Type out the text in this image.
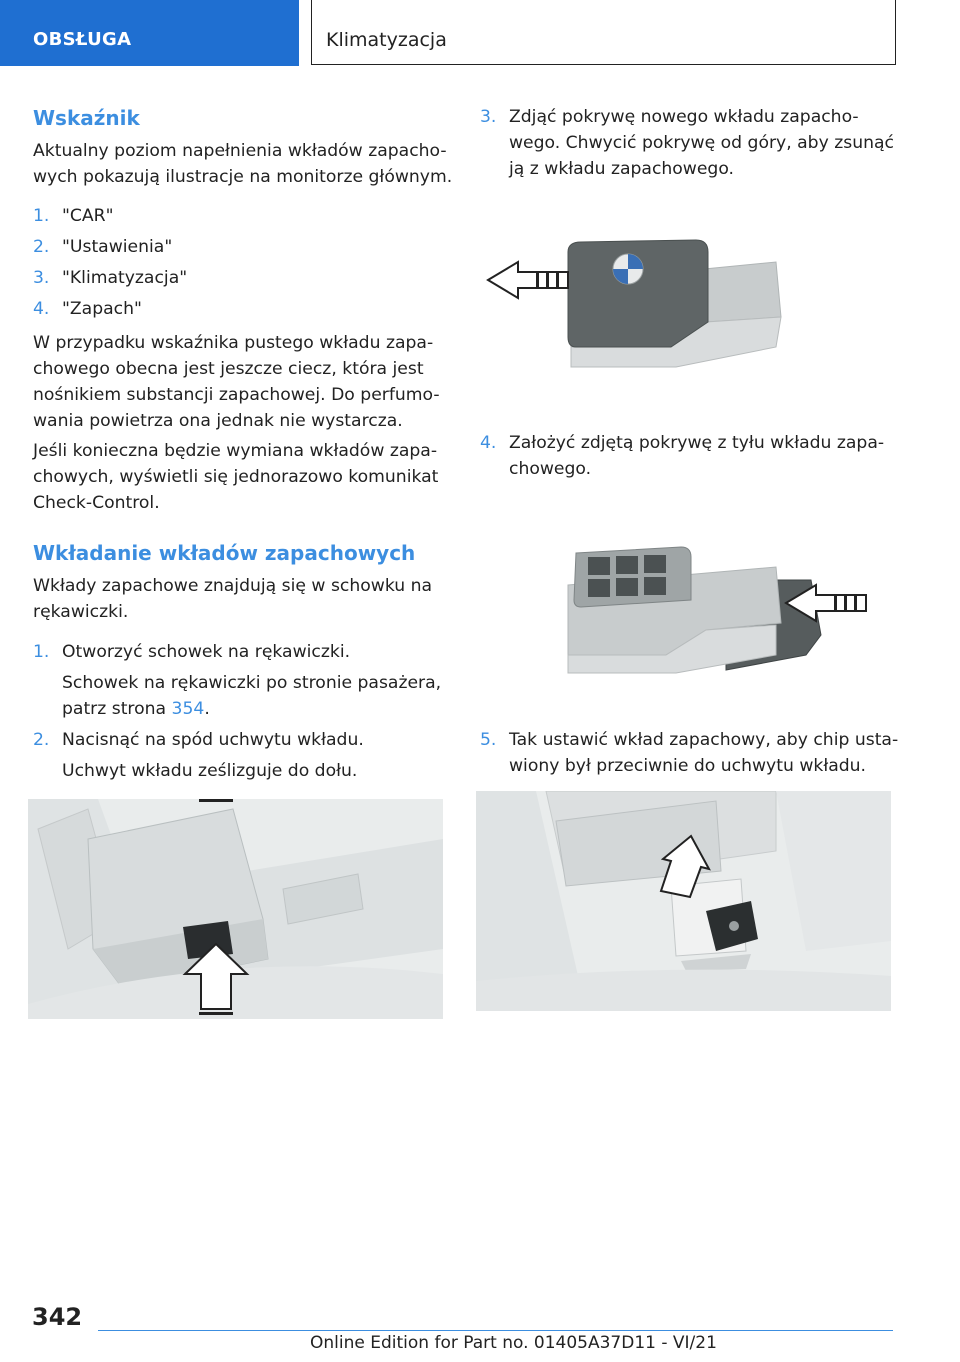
OBSŁUGA	Klimatyzacja
Wskaźnik
Aktualny poziom napełnienia wkładów zapacho-
wych pokazują ilustracje na monitorze głównym.
1. "CAR"
2. "Ustawienia"
3. "Klimatyzacja"
4. "Zapach"
W przypadku wskaźnika pustego wkładu zapa-
chowego obecna jest jeszcze ciecz, która jest
nośnikiem substancji zapachowej. Do perfumo-
wania powietrza ona jednak nie wystarcza.
Jeśli konieczna będzie wymiana wkładów zapa-
chowych, wyświetli się jednorazowo komunikat
Check-Control.
Wkładanie wkładów zapachowych
Wkłady zapachowe znajdują się w schowku na
rękawiczki.
1. Otworzyć schowek na rękawiczki.
Schowek na rękawiczki po stronie pasażera,
patrz strona 354.
2. Nacisnąć na spód uchwytu wkładu.
Uchwyt wkładu ześlizguje do dołu.
3. Zdjąć pokrywę nowego wkładu zapacho-
wego. Chwycić pokrywę od góry, aby zsunąć
ją z wkładu zapachowego.
4. Założyć zdjętą pokrywę z tyłu wkładu zapa-
chowego.
5. Tak ustawić wkład zapachowy, aby chip usta-
wiony był przeciwnie do uchwytu wkładu.
342
Online Edition for Part no. 01405A37D11 - VI/21
